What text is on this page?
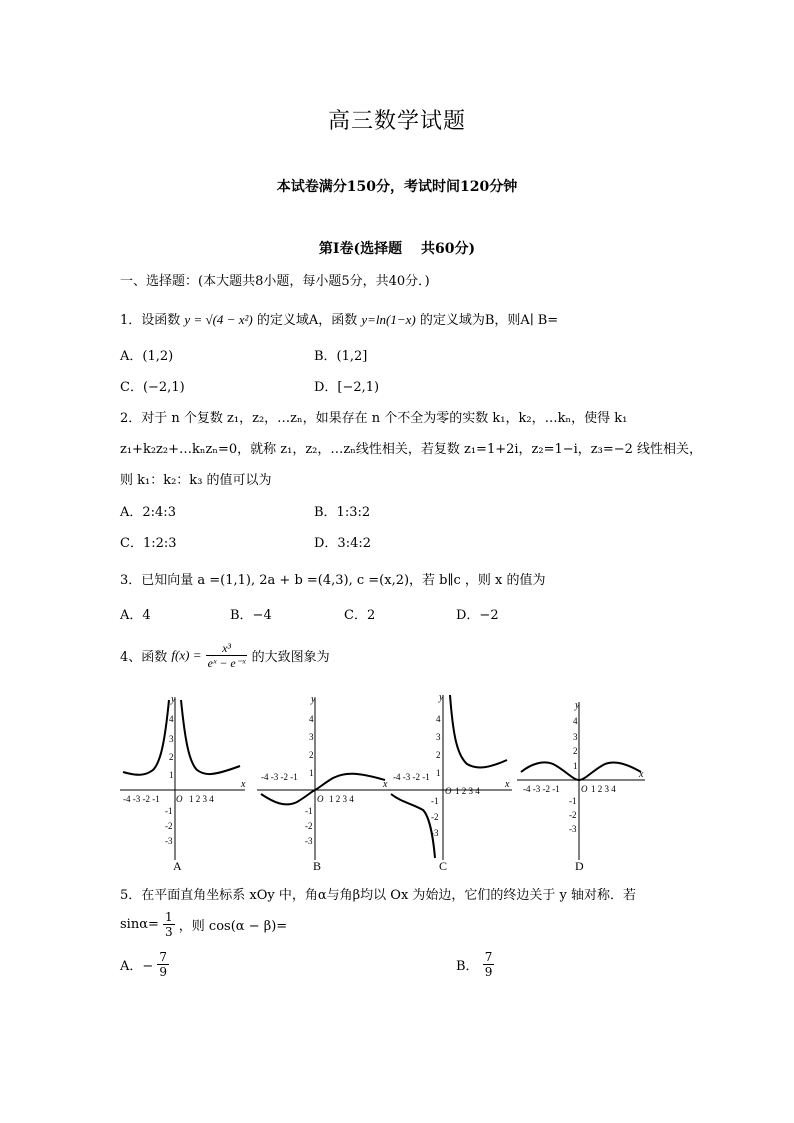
高三数学试题
本试卷满分150分，考试时间120分钟
第Ⅰ卷(选择题　 共60分)
一、选择题：(本大题共8小题，每小题5分，共40分．)
1．设函数 y = √(4 − x²) 的定义域A，函数 y=ln(1−x) 的定义域为B，则A∣ B=
A．(1,2)	B．(1,2]
C．(−2,1)	D．[−2,1)
2．对于 n 个复数 z₁，z₂，…zₙ，如果存在 n 个不全为零的实数 k₁，k₂，…kₙ，使得 k₁
z₁+k₂z₂+…kₙzₙ=0，就称 z₁，z₂，…zₙ线性相关，若复数 z₁=1+2i，z₂=1−i，z₃=−2 线性相关，
则 k₁：k₂：k₃ 的值可以为
A．2:4:3	B．1:3:2
C．1:2:3	D．3:4:2
3．已知向量 a =(1,1), 2a + b =(4,3), c =(x,2)，若 b∥c ，则 x 的值为
A．4	B．−4	C．2	D．−2
4、函数 $f(x) = \frac{\text{x³}}{\text{eˣ − e⁻ˣ}}$ 的大致图象为
y
x
4
3
2
1
-4 -3 -2 -1 O 1 2 3 4
-1
-2
-3
A
y
x
4
3
2
1
-4 -3 -2 -1
O 1 2 3 4
-1
-2
-3
B
y
x
4
3
2
1
-4 -3 -2 -1
O 1 2 3 4
-1
-2
-3
C
y
x
4
3
2
1
-4 -3 -2 -1 O 1 2 3 4
-1
-2
-3
D
5．在平面直角坐标系 xOy 中，角α与角β均以 Ox 为始边，它们的终边关于 y 轴对称．若
$\sin\alpha= \frac{1}{3}$ ，则 cos(α − β)=
A．− $\frac{7}{9}$	B． $\frac{7}{9}$
